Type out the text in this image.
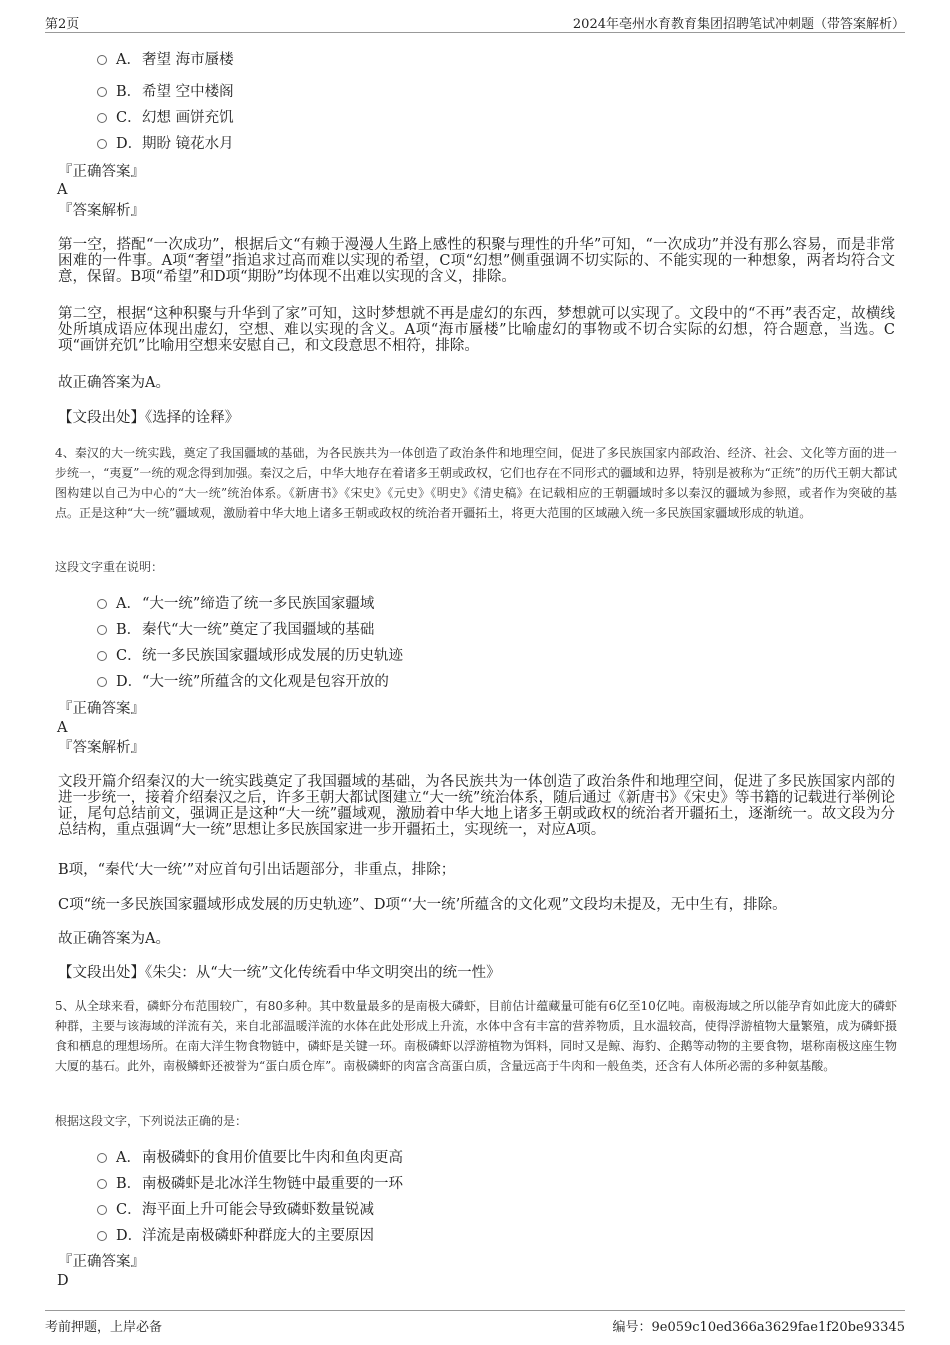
第2页	2024年亳州水育教育集团招聘笔试冲刺题（带答案解析）
A．奢望 海市蜃楼
B．希望 空中楼阁
C．幻想 画饼充饥
D．期盼 镜花水月
『正确答案』
A
『答案解析』
第一空，搭配“一次成功”，根据后文“有赖于漫漫人生路上感性的积聚与理性的升华”可知，“一次成功”并没有那么容易，而是非常困难的一件事。A项“奢望”指追求过高而难以实现的希望，C项“幻想”侧重强调不切实际的、不能实现的一种想象，两者均符合文意，保留。B项“希望”和D项“期盼”均体现不出难以实现的含义，排除。
第二空，根据“这种积聚与升华到了家”可知，这时梦想就不再是虚幻的东西，梦想就可以实现了。文段中的“不再”表否定，故横线处所填成语应体现出虚幻，空想、难以实现的含义。A项“海市蜃楼”比喻虚幻的事物或不切合实际的幻想，符合题意，当选。C项“画饼充饥”比喻用空想来安慰自己，和文段意思不相符，排除。
故正确答案为A。
【文段出处】《选择的诠释》
4、秦汉的大一统实践，奠定了我国疆域的基础，为各民族共为一体创造了政治条件和地理空间，促进了多民族国家内部政治、经济、社会、文化等方面的进一步统一，“夷夏”一统的观念得到加强。秦汉之后，中华大地存在着诸多王朝或政权，它们也存在不同形式的疆域和边界，特别是被称为“正统”的历代王朝大都试图构建以自己为中心的“大一统”统治体系。《新唐书》《宋史》《元史》《明史》《清史稿》在记载相应的王朝疆域时多以秦汉的疆域为参照，或者作为突破的基点。正是这种“大一统”疆域观，激励着中华大地上诸多王朝或政权的统治者开疆拓土，将更大范围的区域融入统一多民族国家疆域形成的轨道。
这段文字重在说明：
A．“大一统”缔造了统一多民族国家疆域
B．秦代“大一统”奠定了我国疆域的基础
C．统一多民族国家疆域形成发展的历史轨迹
D．“大一统”所蕴含的文化观是包容开放的
『正确答案』
A
『答案解析』
文段开篇介绍秦汉的大一统实践奠定了我国疆域的基础，为各民族共为一体创造了政治条件和地理空间，促进了多民族国家内部的进一步统一，接着介绍秦汉之后，许多王朝大都试图建立“大一统”统治体系，随后通过《新唐书》《宋史》等书籍的记载进行举例论证，尾句总结前文，强调正是这种“大一统”疆域观，激励着中华大地上诸多王朝或政权的统治者开疆拓土，逐渐统一。故文段为分总结构，重点强调“大一统”思想让多民族国家进一步开疆拓土，实现统一，对应A项。
B项，“秦代‘大一统’”对应首句引出话题部分，非重点，排除；
C项“统一多民族国家疆域形成发展的历史轨迹”、D项“‘大一统’所蕴含的文化观”文段均未提及，无中生有，排除。
故正确答案为A。
【文段出处】《朱尖：从“大一统”文化传统看中华文明突出的统一性》
5、从全球来看，磷虾分布范围较广，有80多种。其中数量最多的是南极大磷虾，目前估计蕴藏量可能有6亿至10亿吨。南极海域之所以能孕育如此庞大的磷虾种群，主要与该海域的洋流有关，来自北部温暖洋流的水体在此处形成上升流，水体中含有丰富的营养物质，且水温较高，使得浮游植物大量繁殖，成为磷虾摄食和栖息的理想场所。在南大洋生物食物链中，磷虾是关键一环。南极磷虾以浮游植物为饵料，同时又是鲸、海豹、企鹅等动物的主要食物，堪称南极这座生物大厦的基石。此外，南极鳞虾还被誉为“蛋白质仓库”。南极磷虾的肉富含高蛋白质，含量远高于牛肉和一般鱼类，还含有人体所必需的多种氨基酸。
根据这段文字，下列说法正确的是：
A．南极磷虾的食用价值要比牛肉和鱼肉更高
B．南极磷虾是北冰洋生物链中最重要的一环
C．海平面上升可能会导致磷虾数量锐减
D．洋流是南极磷虾种群庞大的主要原因
『正确答案』
D
考前押题，上岸必备	编号：9e059c10ed366a3629fae1f20be93345
